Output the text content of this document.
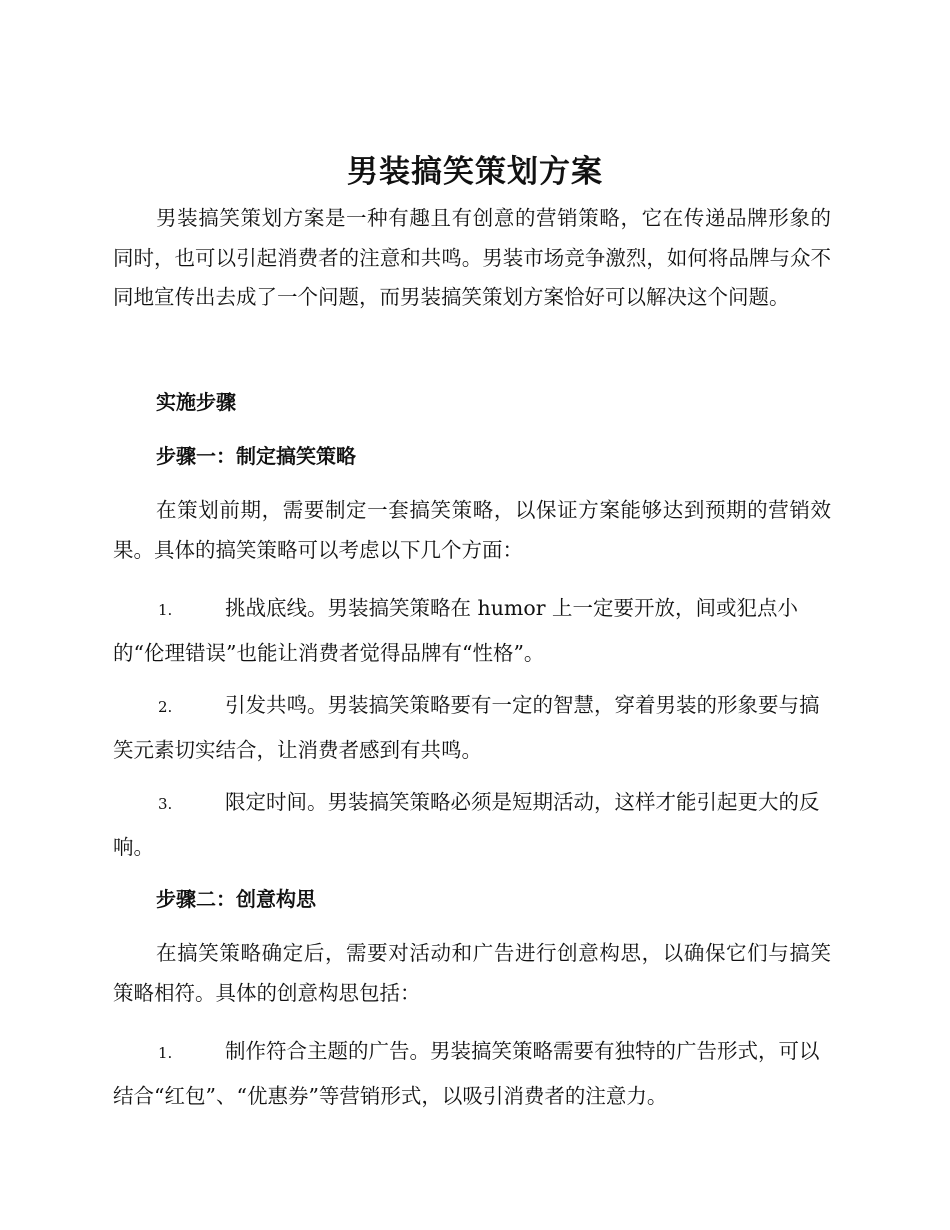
男装搞笑策划方案

男装搞笑策划方案是一种有趣且有创意的营销策略，它在传递品牌形象的同时，也可以引起消费者的注意和共鸣。男装市场竞争激烈，如何将品牌与众不同地宣传出去成了一个问题，而男装搞笑策划方案恰好可以解决这个问题。

实施步骤
步骤一：制定搞笑策略

在策划前期，需要制定一套搞笑策略，以保证方案能够达到预期的营销效果。具体的搞笑策略可以考虑以下几个方面：

1.	挑战底线。男装搞笑策略在 humor 上一定要开放，间或犯点小的“伦理错误”也能让消费者觉得品牌有“性格”。

2.	引发共鸣。男装搞笑策略要有一定的智慧，穿着男装的形象要与搞笑元素切实结合，让消费者感到有共鸣。

3.	限定时间。男装搞笑策略必须是短期活动，这样才能引起更大的反响。

步骤二：创意构思

在搞笑策略确定后，需要对活动和广告进行创意构思，以确保它们与搞笑策略相符。具体的创意构思包括：

1.	制作符合主题的广告。男装搞笑策略需要有独特的广告形式，可以结合“红包”、“优惠券”等营销形式，以吸引消费者的注意力。
